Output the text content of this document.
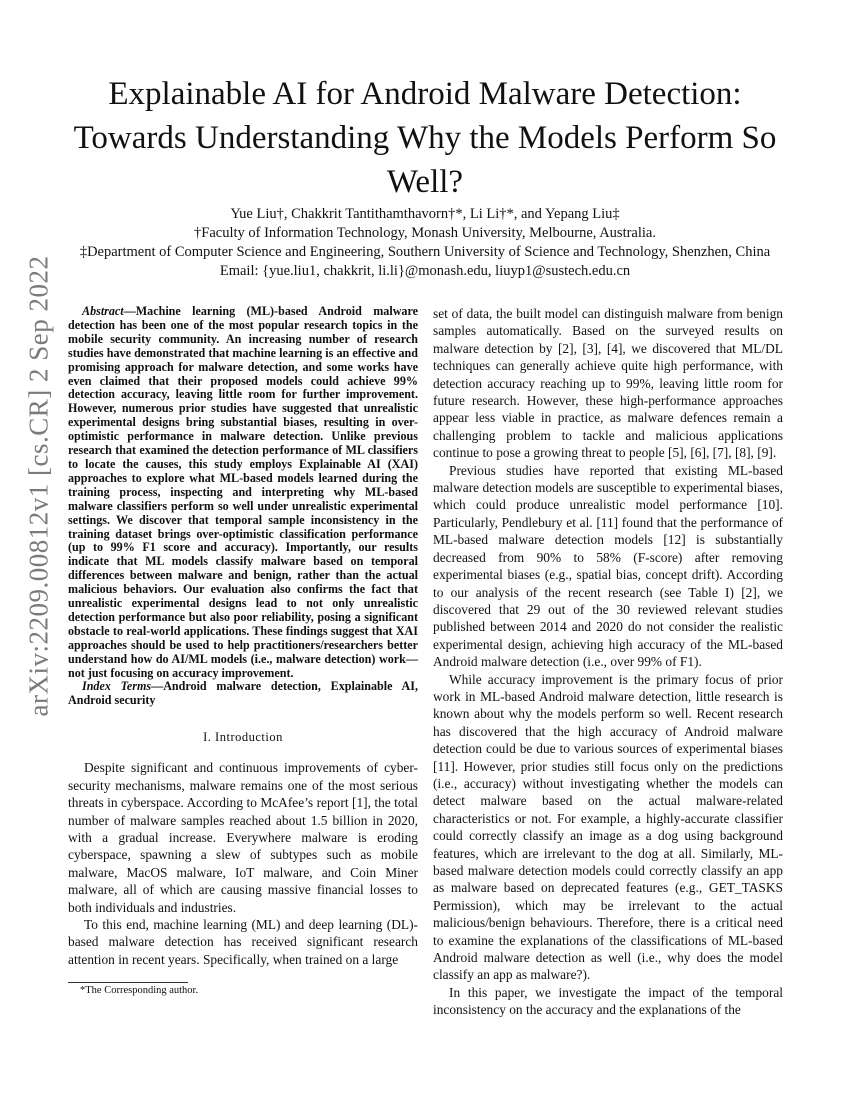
Explainable AI for Android Malware Detection: Towards Understanding Why the Models Perform So Well?
Yue Liu†, Chakkrit Tantithamthavorn†*, Li Li†*, and Yepang Liu‡
†Faculty of Information Technology, Monash University, Melbourne, Australia.
‡Department of Computer Science and Engineering, Southern University of Science and Technology, Shenzhen, China
Email: {yue.liu1, chakkrit, li.li}@monash.edu, liuyp1@sustech.edu.cn
arXiv:2209.00812v1 [cs.CR] 2 Sep 2022	Abstract—Machine learning (ML)-based Android malware detection has been one of the most popular research topics in the mobile security community. An increasing number of research studies have demonstrated that machine learning is an effective and promising approach for malware detection, and some works have even claimed that their proposed models could achieve 99% detection accuracy, leaving little room for further improvement. However, numerous prior studies have suggested that unrealistic experimental designs bring substantial biases, resulting in over-optimistic performance in malware detection. Unlike previous research that examined the detection performance of ML classifiers to locate the causes, this study employs Explainable AI (XAI) approaches to explore what ML-based models learned during the training process, inspecting and interpreting why ML-based malware classifiers perform so well under unrealistic experimental settings. We discover that temporal sample inconsistency in the training dataset brings over-optimistic classification performance (up to 99% F1 score and accuracy). Importantly, our results indicate that ML models classify malware based on temporal differences between malware and benign, rather than the actual malicious behaviors. Our evaluation also confirms the fact that unrealistic experimental designs lead to not only unrealistic detection performance but also poor reliability, posing a significant obstacle to real-world applications. These findings suggest that XAI approaches should be used to help practitioners/researchers better understand how do AI/ML models (i.e., malware detection) work—not just focusing on accuracy improvement.
Index Terms—Android malware detection, Explainable AI, Android security
I. Introduction

Despite significant and continuous improvements of cyber-security mechanisms, malware remains one of the most serious threats in cyberspace. According to McAfee’s report [1], the total number of malware samples reached about 1.5 billion in 2020, with a gradual increase. Everywhere malware is eroding cyberspace, spawning a slew of subtypes such as mobile malware, MacOS malware, IoT malware, and Coin Miner malware, all of which are causing massive financial losses to both individuals and industries.

To this end, machine learning (ML) and deep learning (DL)-based malware detection has received significant research attention in recent years. Specifically, when trained on a large

*The Corresponding author.

set of data, the built model can distinguish malware from benign samples automatically. Based on the surveyed results on malware detection by [2], [3], [4], we discovered that ML/DL techniques can generally achieve quite high performance, with detection accuracy reaching up to 99%, leaving little room for future research. However, these high-performance approaches appear less viable in practice, as malware defences remain a challenging problem to tackle and malicious applications continue to pose a growing threat to people [5], [6], [7], [8], [9].

Previous studies have reported that existing ML-based malware detection models are susceptible to experimental biases, which could produce unrealistic model performance [10]. Particularly, Pendlebury et al. [11] found that the performance of ML-based malware detection models [12] is substantially decreased from 90% to 58% (F-score) after removing experimental biases (e.g., spatial bias, concept drift). According to our analysis of the recent research (see Table I) [2], we discovered that 29 out of the 30 reviewed relevant studies published between 2014 and 2020 do not consider the realistic experimental design, achieving high accuracy of the ML-based Android malware detection (i.e., over 99% of F1).

While accuracy improvement is the primary focus of prior work in ML-based Android malware detection, little research is known about why the models perform so well. Recent research has discovered that the high accuracy of Android malware detection could be due to various sources of experimental biases [11]. However, prior studies still focus only on the predictions (i.e., accuracy) without investigating whether the models can detect malware based on the actual malware-related characteristics or not. For example, a highly-accurate classifier could correctly classify an image as a dog using background features, which are irrelevant to the dog at all. Similarly, ML-based malware detection models could correctly classify an app as malware based on deprecated features (e.g., GET_TASKS Permission), which may be irrelevant to the actual malicious/benign behaviours. Therefore, there is a critical need to examine the explanations of the classifications of ML-based Android malware detection as well (i.e., why does the model classify an app as malware?).

In this paper, we investigate the impact of the temporal inconsistency on the accuracy and the explanations of the
